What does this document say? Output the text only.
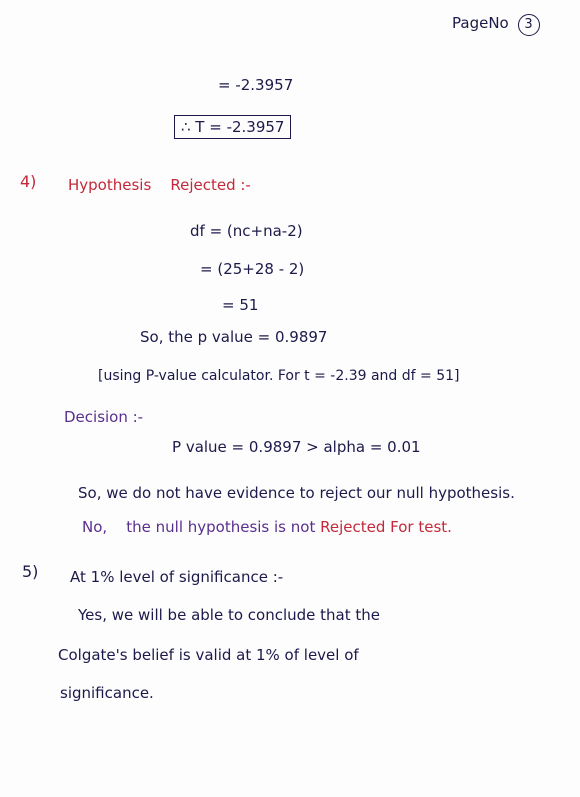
PageNo 3
= -2.3957
∴ T = -2.3957
4) Hypothesis Rejected :-
df = (nc+na-2)
= (25+28 - 2)
= 51
So, the p value = 0.9897
[using P-value calculator. For t = -2.39 and df = 51]
Decision :-
P value = 0.9897 > alpha = 0.01
So, we do not have evidence to reject our null hypothesis.
No, the null hypothesis is not Rejected For test.
5) At 1% level of significance :-
Yes, we will be able to conclude that the
Colgate's belief is valid at 1% of level of
significance.
